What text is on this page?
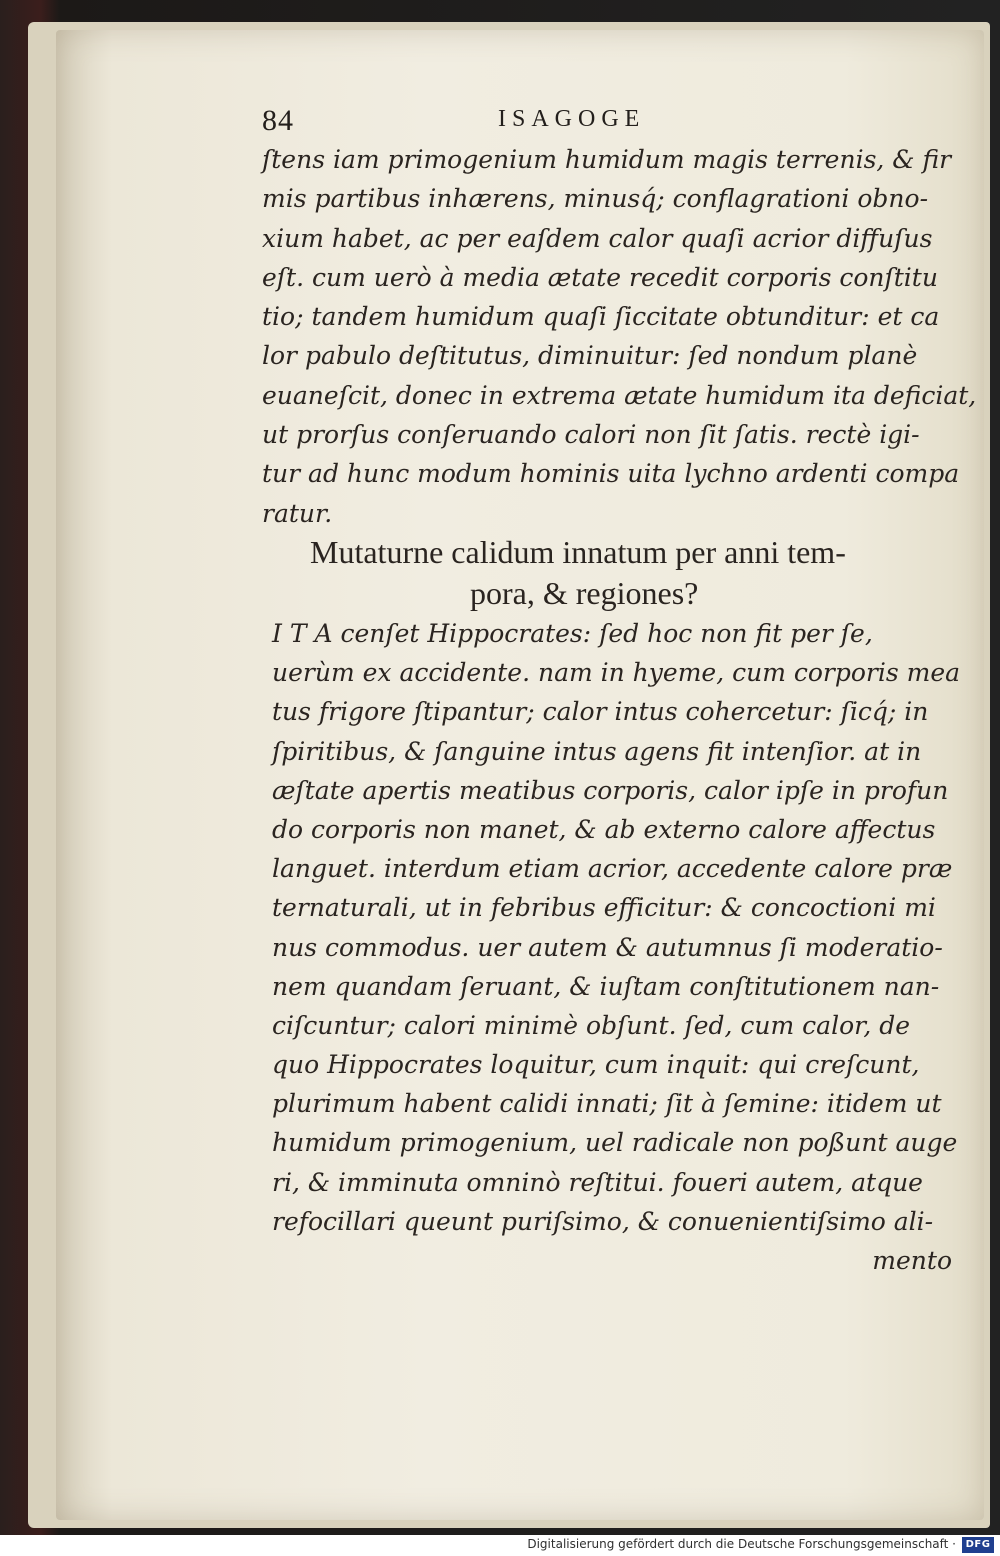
84	ISAGOGE
ſtens iam primogenium humidum magis terrenis, & fir
mis partibus inhærens, minusq́; conflagrationi obno-
xium habet, ac per eaſdem calor quaſi acrior diffuſus
eſt. cum uerò à media ætate recedit corporis conſtitu
tio; tandem humidum quaſi ſiccitate obtunditur: et ca
lor pabulo deſtitutus, diminuitur: ſed nondum planè
euaneſcit, donec in extrema ætate humidum ita deficiat,
ut prorſus conſeruando calori non ſit ſatis. rectè igi-
tur ad hunc modum hominis uita lychno ardenti compa
ratur.
Mutaturne calidum innatum per anni tem-
pora, & regiones?
I T A cenſet Hippocrates: ſed hoc non fit per ſe,
uerùm ex accidente. nam in hyeme, cum corporis mea
tus frigore ſtipantur; calor intus cohercetur: ſicq́; in
ſpiritibus, & ſanguine intus agens fit intenſior. at in
æſtate apertis meatibus corporis, calor ipſe in profun
do corporis non manet, & ab externo calore affectus
languet. interdum etiam acrior, accedente calore præ
ternaturali, ut in febribus efficitur: & concoctioni mi
nus commodus. uer autem & autumnus ſi moderatio-
nem quandam ſeruant, & iuſtam conſtitutionem nan-
ciſcuntur; calori minimè obſunt. ſed, cum calor, de
quo Hippocrates loquitur, cum inquit: qui creſcunt,
plurimum habent calidi innati; ſit à ſemine: itidem ut
humidum primogenium, uel radicale non poßunt auge
ri, & imminuta omninò reſtitui. foueri autem, atque
refocillari queunt puriſsimo, & conuenientiſsimo ali-
mento
Digitalisierung gefördert durch die Deutsche Forschungsgemeinschaft · DFG
